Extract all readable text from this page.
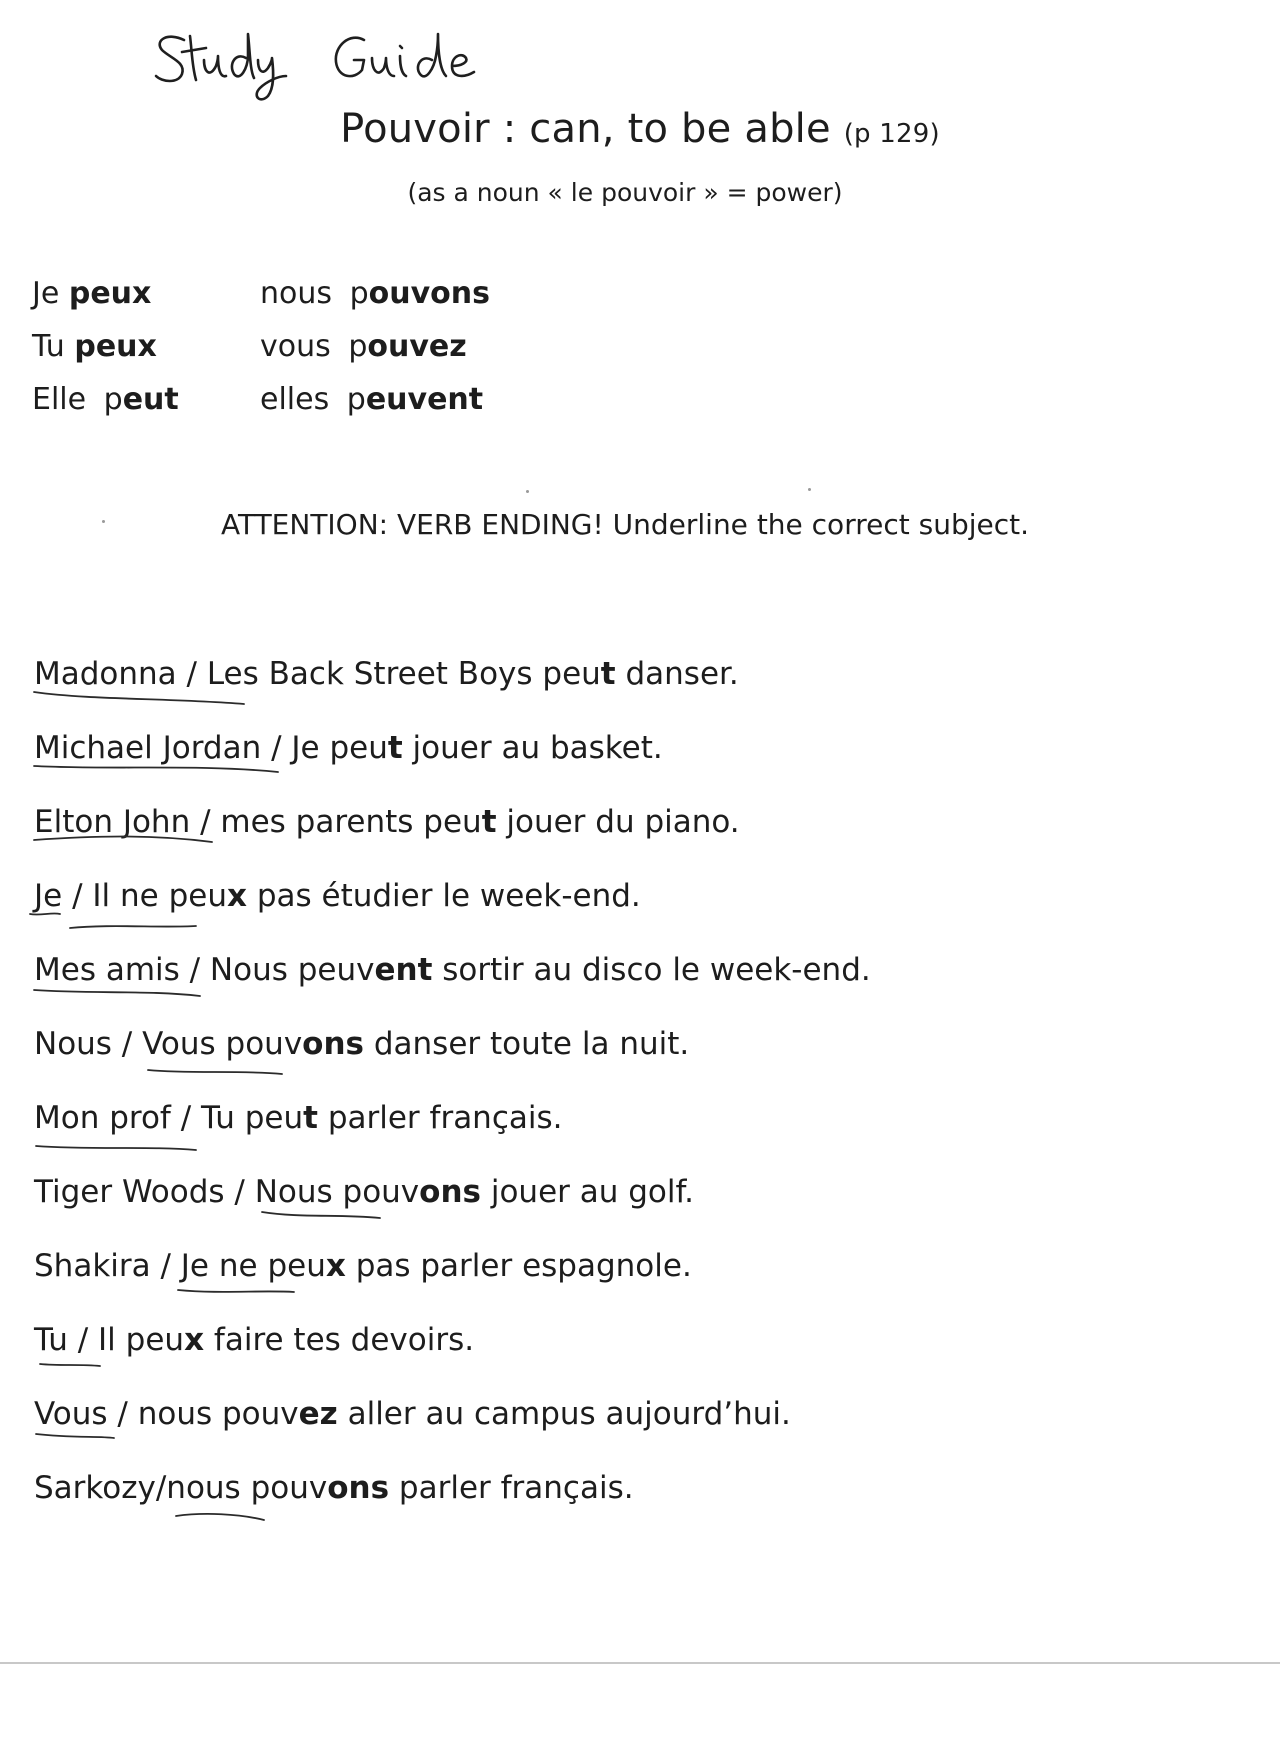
Pouvoir : can, to be able (p 129)
(as a noun « le pouvoir » = power)
Je peux
Tu peux
Elle peut
nous pouvons
vous pouvez
elles peuvent
ATTENTION: VERB ENDING! Underline the correct subject.
Madonna / Les Back Street Boys peut danser.
Michael Jordan / Je peut jouer au basket.
Elton John / mes parents peut jouer du piano.
Je / Il ne peux pas étudier le week-end.
Mes amis / Nous peuvent sortir au disco le week-end.
Nous / Vous pouvons danser toute la nuit.
Mon prof / Tu peut parler français.
Tiger Woods / Nous pouvons jouer au golf.
Shakira / Je ne peux pas parler espagnole.
Tu / Il peux faire tes devoirs.
Vous / nous pouvez aller au campus aujourd’hui.
Sarkozy/nous pouvons parler français.
